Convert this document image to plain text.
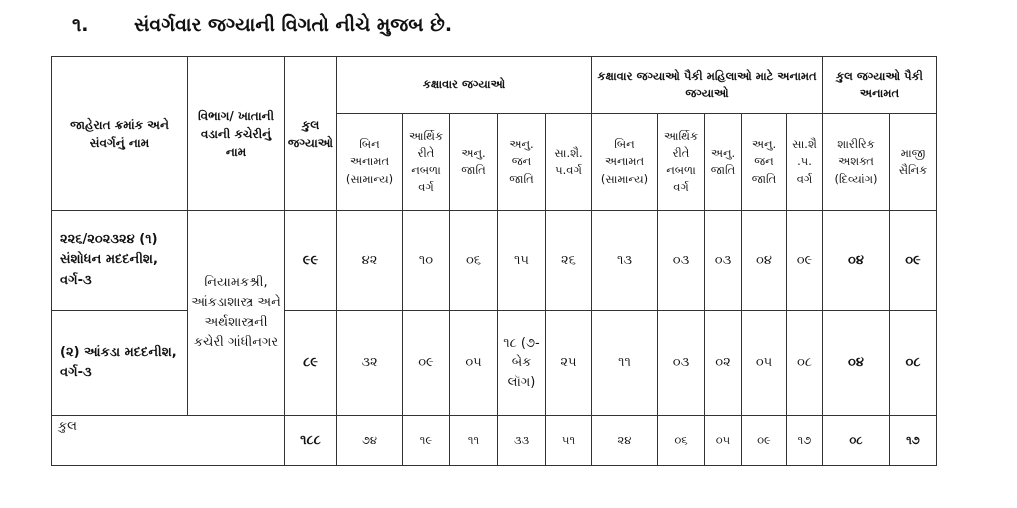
૧. સંવર્ગવાર જગ્યાની વિગતો નીચે મુજબ છે.
જાહેરાત ક્રમાંક અને સંવર્ગનું નામ	વિભાગ/ ખાતાની વડાની કચેરીનું નામ	કુલ જગ્યાઓ	કક્ષાવાર જગ્યાઓ					કક્ષાવાર જગ્યાઓ પૈકી મહિલાઓ માટે અનામત જગ્યાઓ					કુલ જગ્યાઓ પૈકી અનામત	
			બિન અનામત (સામાન્ય)	આર્થિક રીતે નબળા વર્ગ	અનુ. જાતિ	અનુ. જન જાતિ	સા.શૈ. પ.વર્ગ	બિન અનામત (સામાન્ય)	આર્થિક રીતે નબળા વર્ગ	અનુ. જાતિ	અનુ. જન જાતિ	સા.શૈ .પ. વર્ગ	શારીરિક અશક્ત (દિવ્યાંગ)	માજી સૈનિક
૨૨૬/૨૦૨૩૨૪ (૧) સંશોધન મદદનીશ, વર્ગ-૩	નિયામકશ્રી, આંકડાશાસ્ત્ર અને અર્થશાસ્ત્રની કચેરી ગાંધીનગર	૯૯	૪૨	૧૦	૦૬	૧૫	૨૬	૧૩	૦૩	૦૩	૦૪	૦૯	૦૪	૦૯
(૨) આંકડા મદદનીશ, વર્ગ-૩		૮૯	૩૨	૦૯	૦૫	૧૮ (૭-બેક લૉગ)	૨૫	૧૧	૦૩	૦૨	૦૫	૦૮	૦૪	૦૮
કુલ		૧૮૮	૭૪	૧૯	૧૧	૩૩	૫૧	૨૪	૦૬	૦૫	૦૯	૧૭	૦૮	૧૭
